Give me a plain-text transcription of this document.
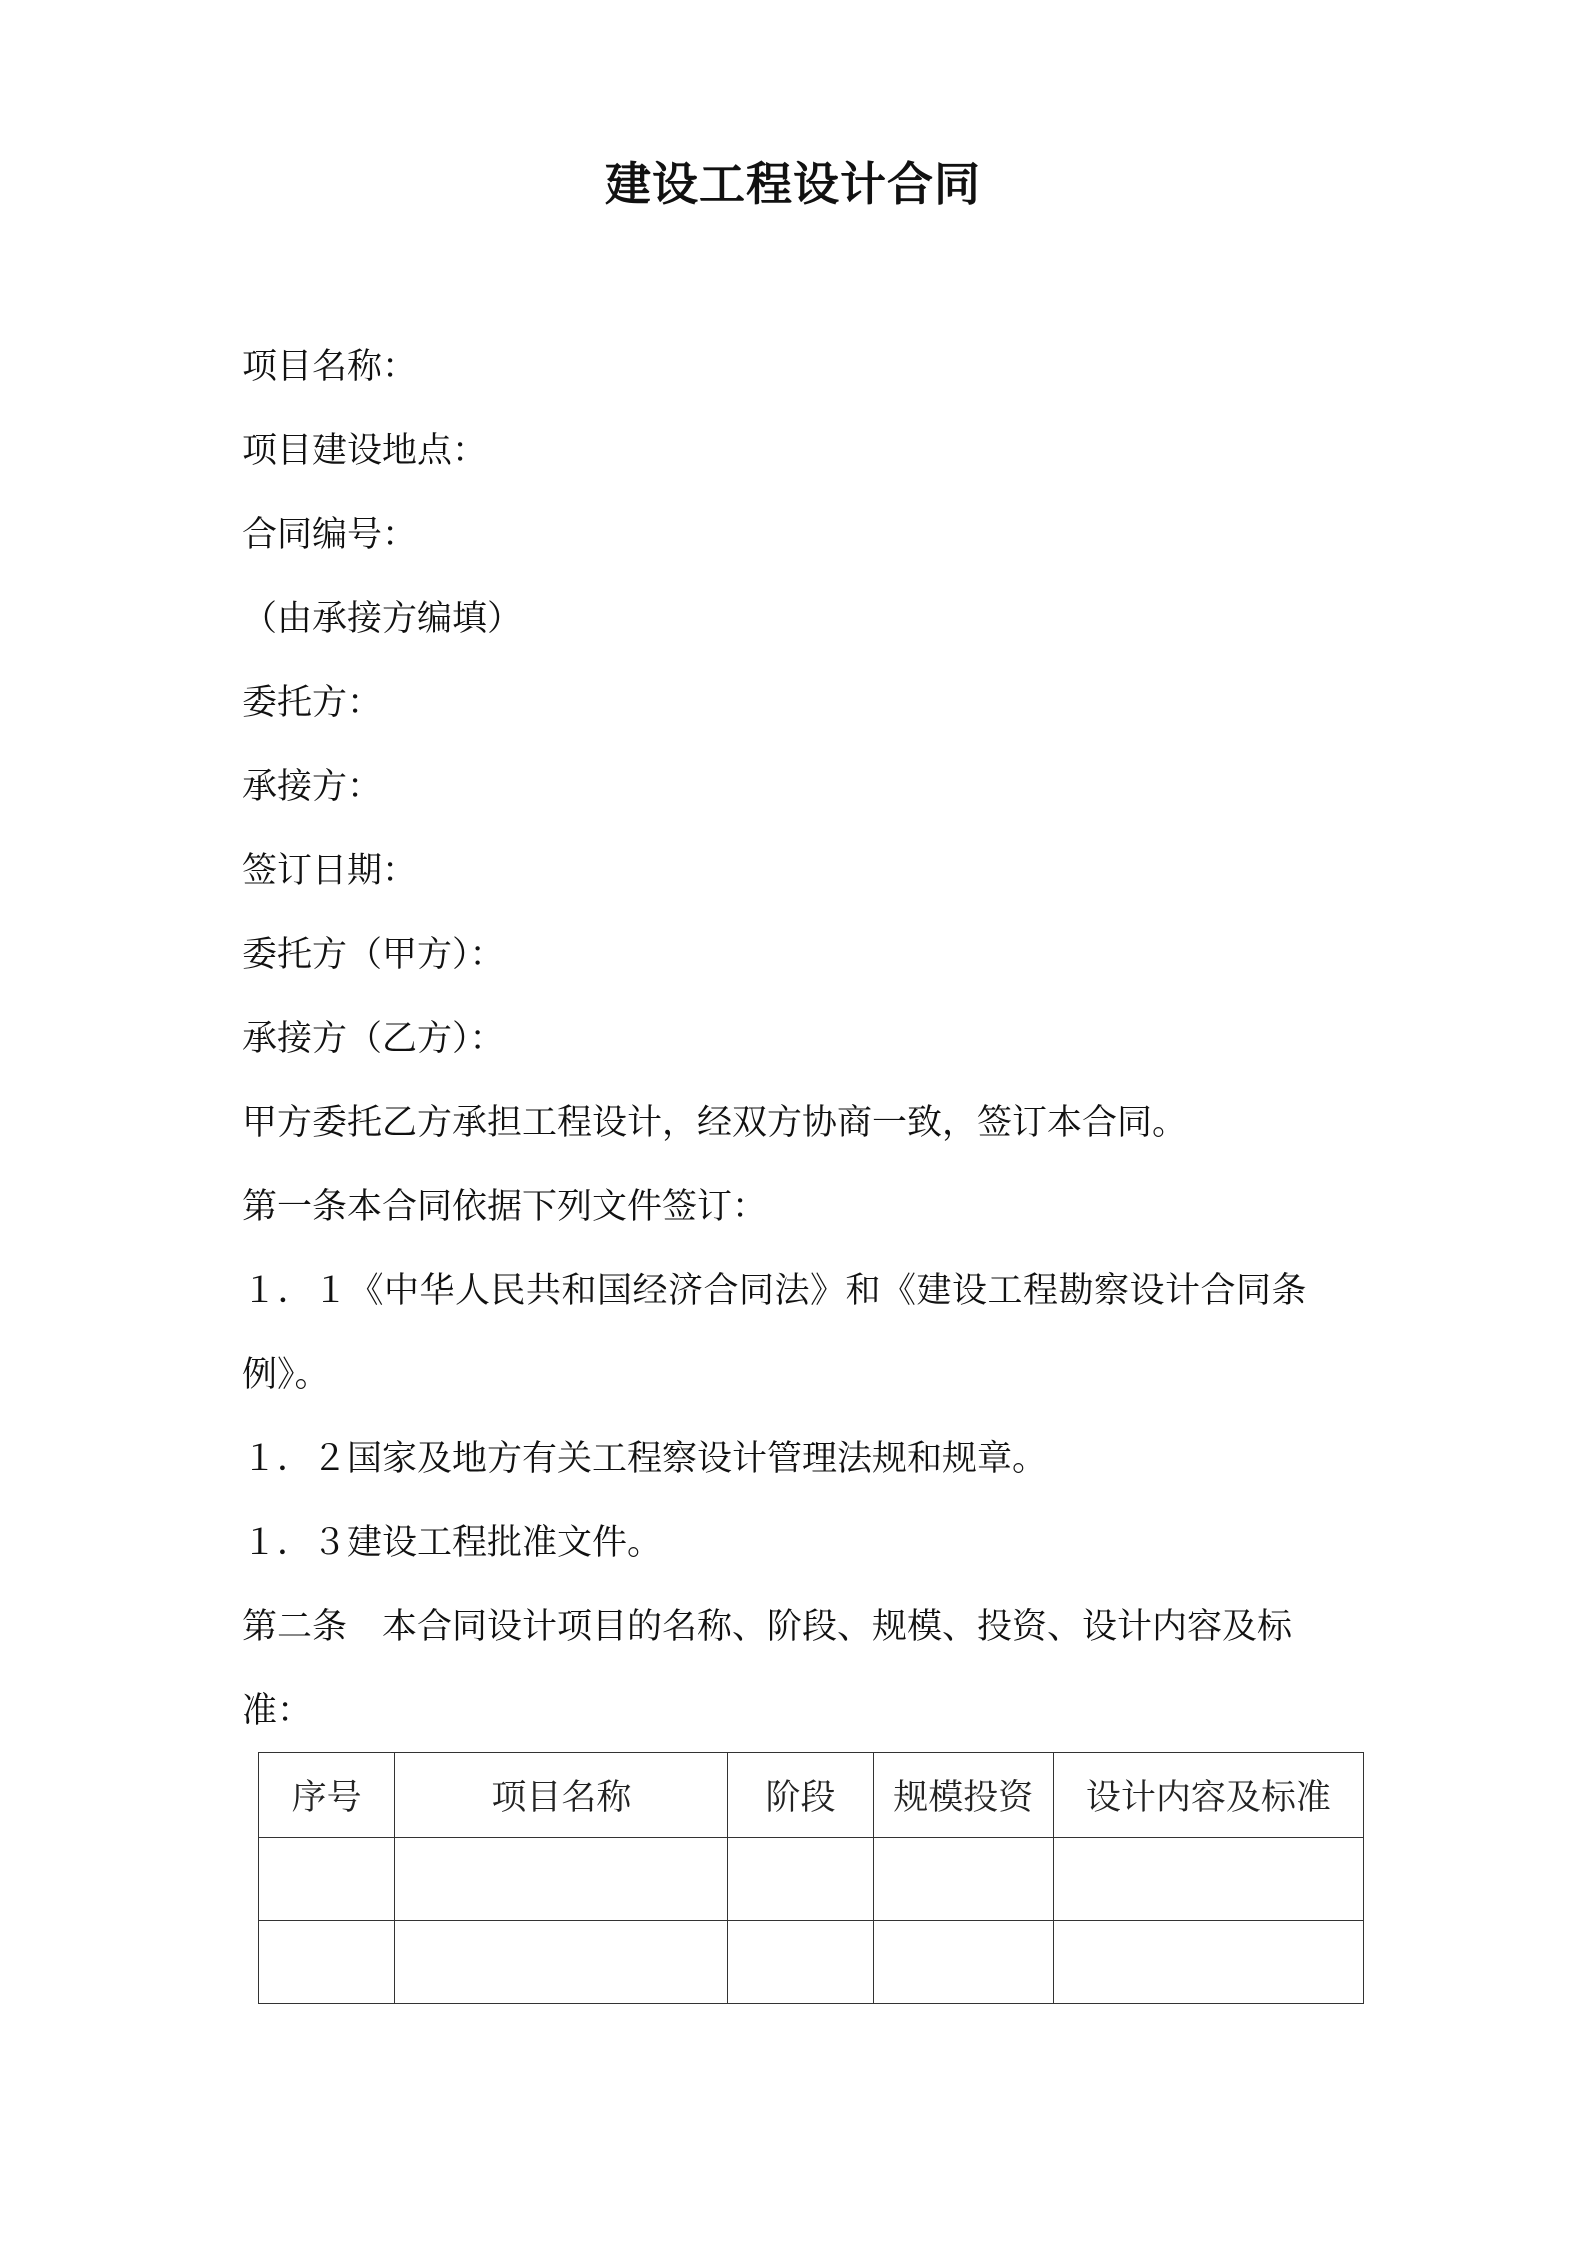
建设工程设计合同
项目名称：
项目建设地点：
合同编号：
（由承接方编填）
委托方：
承接方：
签订日期：
委托方（甲方）：
承接方（乙方）：
甲方委托乙方承担工程设计，经双方协商一致，签订本合同。
第一条本合同依据下列文件签订：
１．１《中华人民共和国经济合同法》和《建设工程勘察设计合同条
例》。
１．２国家及地方有关工程察设计管理法规和规章。
１．３建设工程批准文件。
第二条　本合同设计项目的名称、阶段、规模、投资、设计内容及标
准：
序号	项目名称	阶段	规模投资	设计内容及标准
